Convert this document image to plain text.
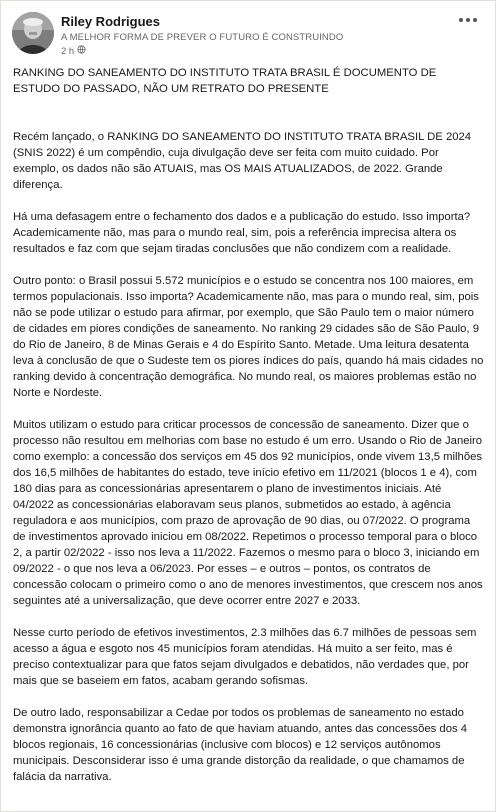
Riley Rodrigues
A MELHOR FORMA DE PREVER O FUTURO É CONSTRUINDO
2 h

RANKING DO SANEAMENTO DO INSTITUTO TRATA BRASIL É DOCUMENTO DE ESTUDO DO PASSADO, NÃO UM RETRATO DO PRESENTE

Recém lançado, o RANKING DO SANEAMENTO DO INSTITUTO TRATA BRASIL DE 2024 (SNIS 2022) é um compêndio, cuja divulgação deve ser feita com muito cuidado. Por exemplo, os dados não são ATUAIS, mas OS MAIS ATUALIZADOS, de 2022. Grande diferença.

Há uma defasagem entre o fechamento dos dados e a publicação do estudo. Isso importa? Academicamente não, mas para o mundo real, sim, pois a referência imprecisa altera os resultados e faz com que sejam tiradas conclusões que não condizem com a realidade.

Outro ponto: o Brasil possui 5.572 municípios e o estudo se concentra nos 100 maiores, em termos populacionais. Isso importa? Academicamente não, mas para o mundo real, sim, pois não se pode utilizar o estudo para afirmar, por exemplo, que São Paulo tem o maior número de cidades em piores condições de saneamento. No ranking 29 cidades são de São Paulo, 9 do Rio de Janeiro, 8 de Minas Gerais e 4 do Espírito Santo. Metade. Uma leitura desatenta leva à conclusão de que o Sudeste tem os piores índices do país, quando há mais cidades no ranking devido à concentração demográfica. No mundo real, os maiores problemas estão no Norte e Nordeste.

Muitos utilizam o estudo para criticar processos de concessão de saneamento. Dizer que o processo não resultou em melhorias com base no estudo é um erro. Usando o Rio de Janeiro como exemplo: a concessão dos serviços em 45 dos 92 municípios, onde vivem 13,5 milhões dos 16,5 milhões de habitantes do estado, teve início efetivo em 11/2021 (blocos 1 e 4), com 180 dias para as concessionárias apresentarem o plano de investimentos iniciais. Até 04/2022 as concessionárias elaboravam seus planos, submetidos ao estado, à agência reguladora e aos municípios, com prazo de aprovação de 90 dias, ou 07/2022. O programa de investimentos aprovado iniciou em 08/2022. Repetimos o processo temporal para o bloco 2, a partir 02/2022 - isso nos leva a 11/2022. Fazemos o mesmo para o bloco 3, iniciando em 09/2022 - o que nos leva a 06/2023. Por esses – e outros – pontos, os contratos de concessão colocam o primeiro como o ano de menores investimentos, que crescem nos anos seguintes até a universalização, que deve ocorrer entre 2027 e 2033.

Nesse curto período de efetivos investimentos, 2.3 milhões das 6.7 milhões de pessoas sem acesso a água e esgoto nos 45 municípios foram atendidas. Há muito a ser feito, mas é preciso contextualizar para que fatos sejam divulgados e debatidos, não verdades que, por mais que se baseiem em fatos, acabam gerando sofismas.

De outro lado, responsabilizar a Cedae por todos os problemas de saneamento no estado demonstra ignorância quanto ao fato de que haviam atuando, antes das concessões dos 4 blocos regionais, 16 concessionárias (inclusive com blocos) e 12 serviços autônomos municipais. Desconsiderar isso é uma grande distorção da realidade, o que chamamos de falácia da narrativa.
